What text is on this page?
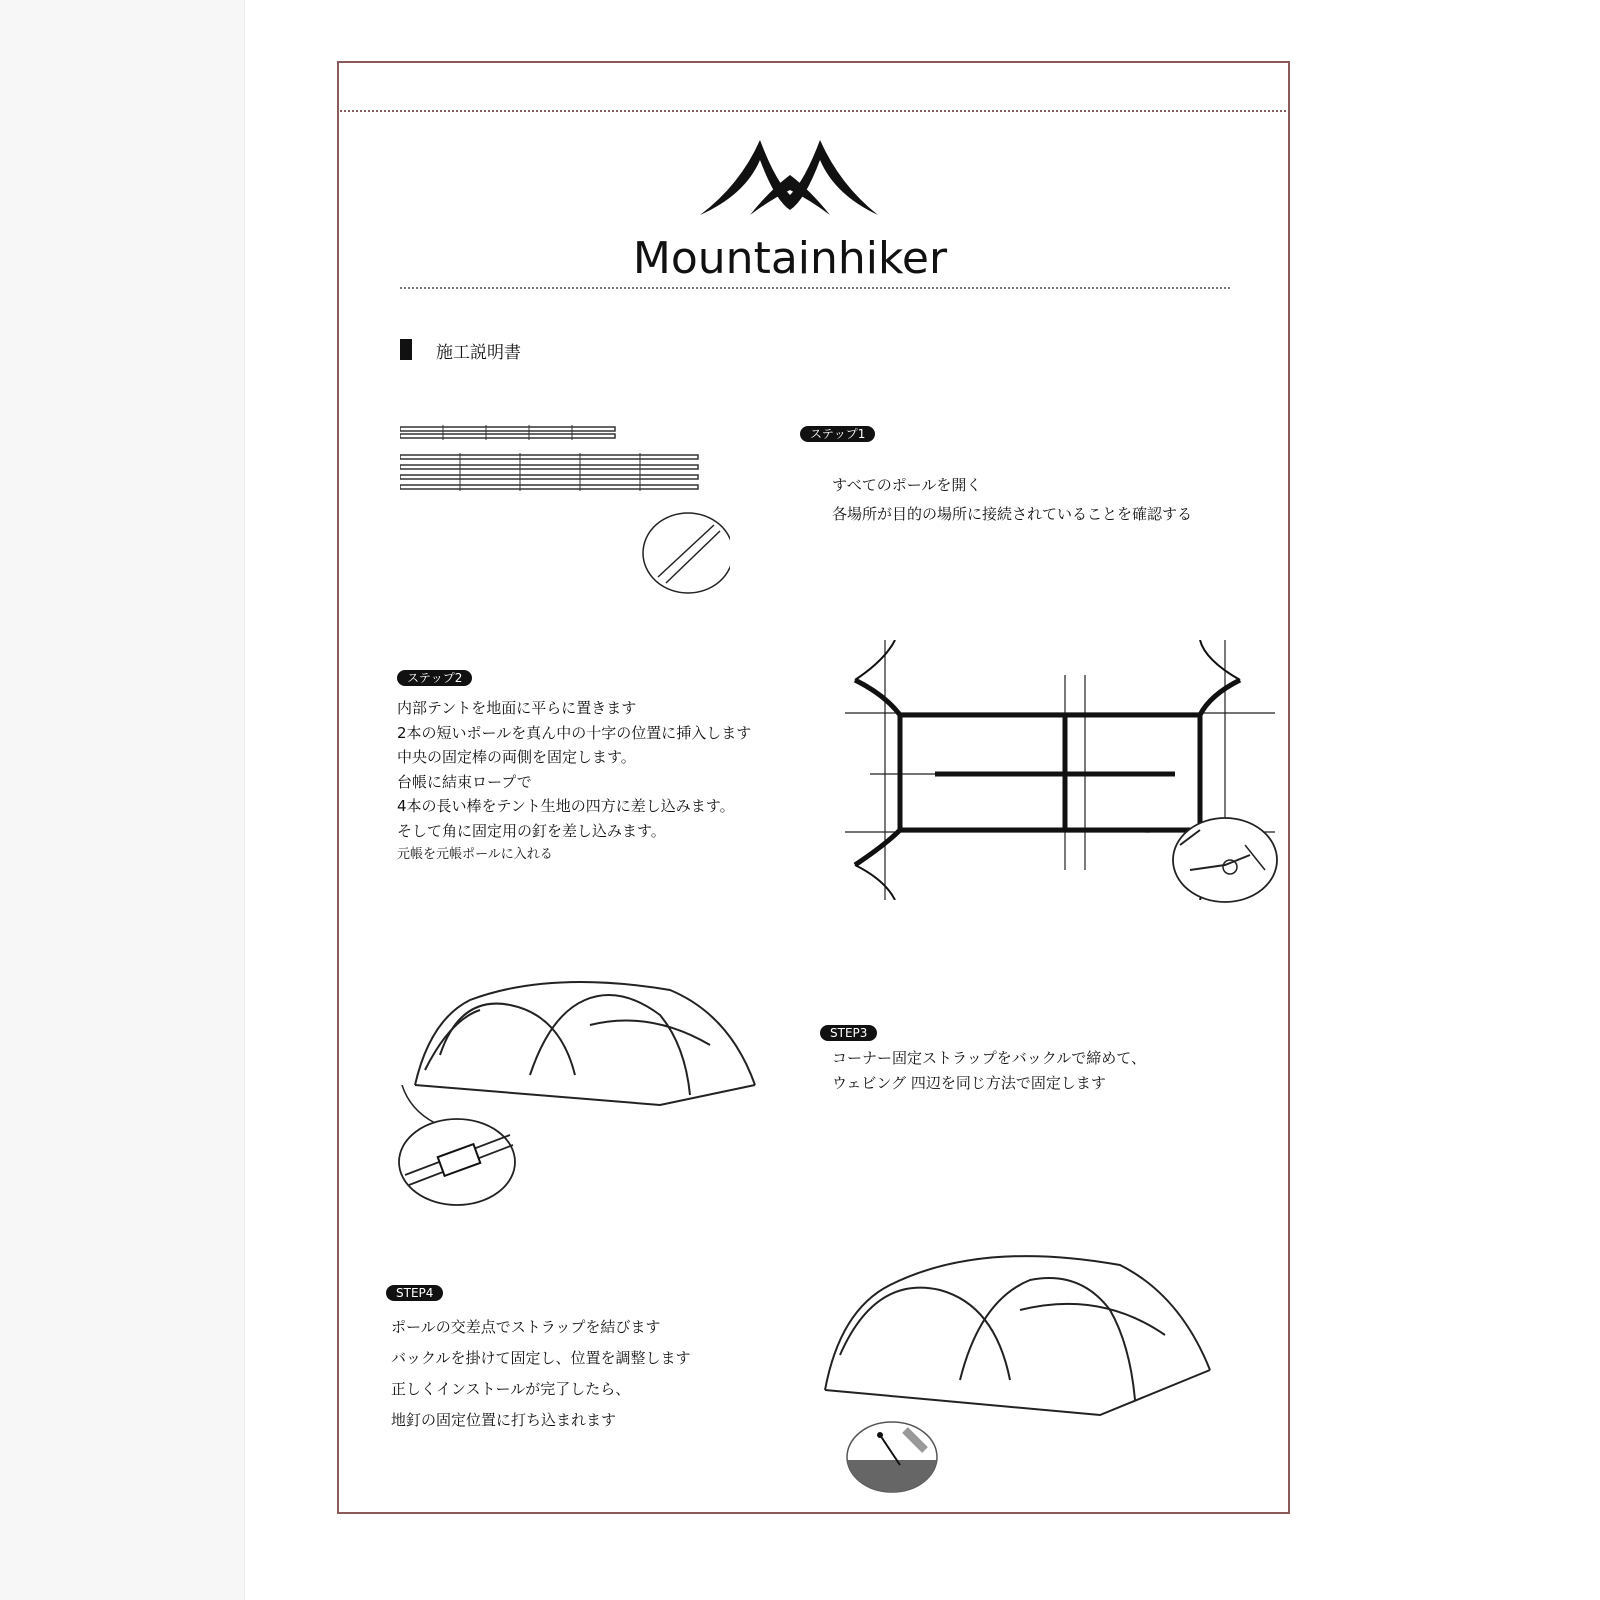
Mountainhiker
施工説明書
ステップ1
すべてのポールを開く
各場所が目的の場所に接続されていることを確認する
ステップ2
内部テントを地面に平らに置きます
2本の短いポールを真ん中の十字の位置に挿入します
中央の固定棒の両側を固定します。
台帳に結束ロープで
4本の長い棒をテント生地の四方に差し込みます。
そして角に固定用の釘を差し込みます。
元帳を元帳ポールに入れる
STEP3
コーナー固定ストラップをバックルで締めて、
ウェビング 四辺を同じ方法で固定します
STEP4
ポールの交差点でストラップを結びます
バックルを掛けて固定し、位置を調整します
正しくインストールが完了したら、
地釘の固定位置に打ち込まれます
